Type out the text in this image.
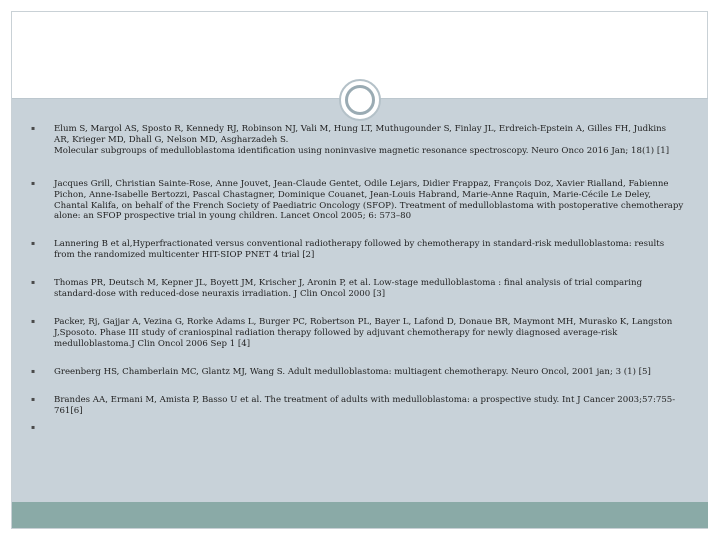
▪ Elum S, Margol AS, Sposto R, Kennedy RJ, Robinson NJ, Vali M, Hung LT, Muthugounder S, Finlay JL, Erdreich-Epstein A, Gilles FH, Judkins
AR, Krieger MD, Dhall G, Nelson MD, Asgharzadeh S.
Molecular subgroups of medulloblastoma identification using noninvasive magnetic resonance spectroscopy. Neuro Onco 2016 Jan; 18(1) [1]
▪ Jacques Grill, Christian Sainte-Rose, Anne Jouvet, Jean-Claude Gentet, Odile Lejars, Didier Frappaz, François Doz, Xavier Rialland, Fabienne
Pichon, Anne-Isabelle Bertozzi, Pascal Chastagner, Dominique Couanet, Jean-Louis Habrand, Marie-Anne Raquin, Marie-Cécile Le Deley,
Chantal Kalifa, on behalf of the French Society of Paediatric Oncology (SFOP). Treatment of medulloblastoma with postoperative chemotherapy
alone: an SFOP prospective trial in young children. Lancet Oncol 2005; 6: 573–80
▪ Lannering B et al,Hyperfractionated versus conventional radiotherapy followed by chemotherapy in standard-risk medulloblastoma: results
from the randomized multicenter HIT-SIOP PNET 4 trial [2]
▪ Thomas PR, Deutsch M, Kepner JL, Boyett JM, Krischer J, Aronin P, et al. Low-stage medulloblastoma : final analysis of trial comparing
standard-dose with reduced-dose neuraxis irradiation. J Clin Oncol 2000 [3]
▪ Packer, Rj, Gajjar A, Vezina G, Rorke Adams L, Burger PC, Robertson PL, Bayer L, Lafond D, Donaue BR, Maymont MH, Murasko K, Langston
J,Sposoto. Phase III study of craniospinal radiation therapy followed by adjuvant chemotherapy for newly diagnosed average-risk
medulloblastoma.J Clin Oncol 2006 Sep 1 [4]
▪ Greenberg HS, Chamberlain MC, Glantz MJ, Wang S. Adult medulloblastoma: multiagent chemotherapy. Neuro Oncol, 2001 jan; 3 (1) [5]
▪ Brandes AA, Ermani M, Amista P, Basso U et al. The treatment of adults with medulloblastoma: a prospective study. Int J Cancer 2003;57:755-
761[6]
▪
